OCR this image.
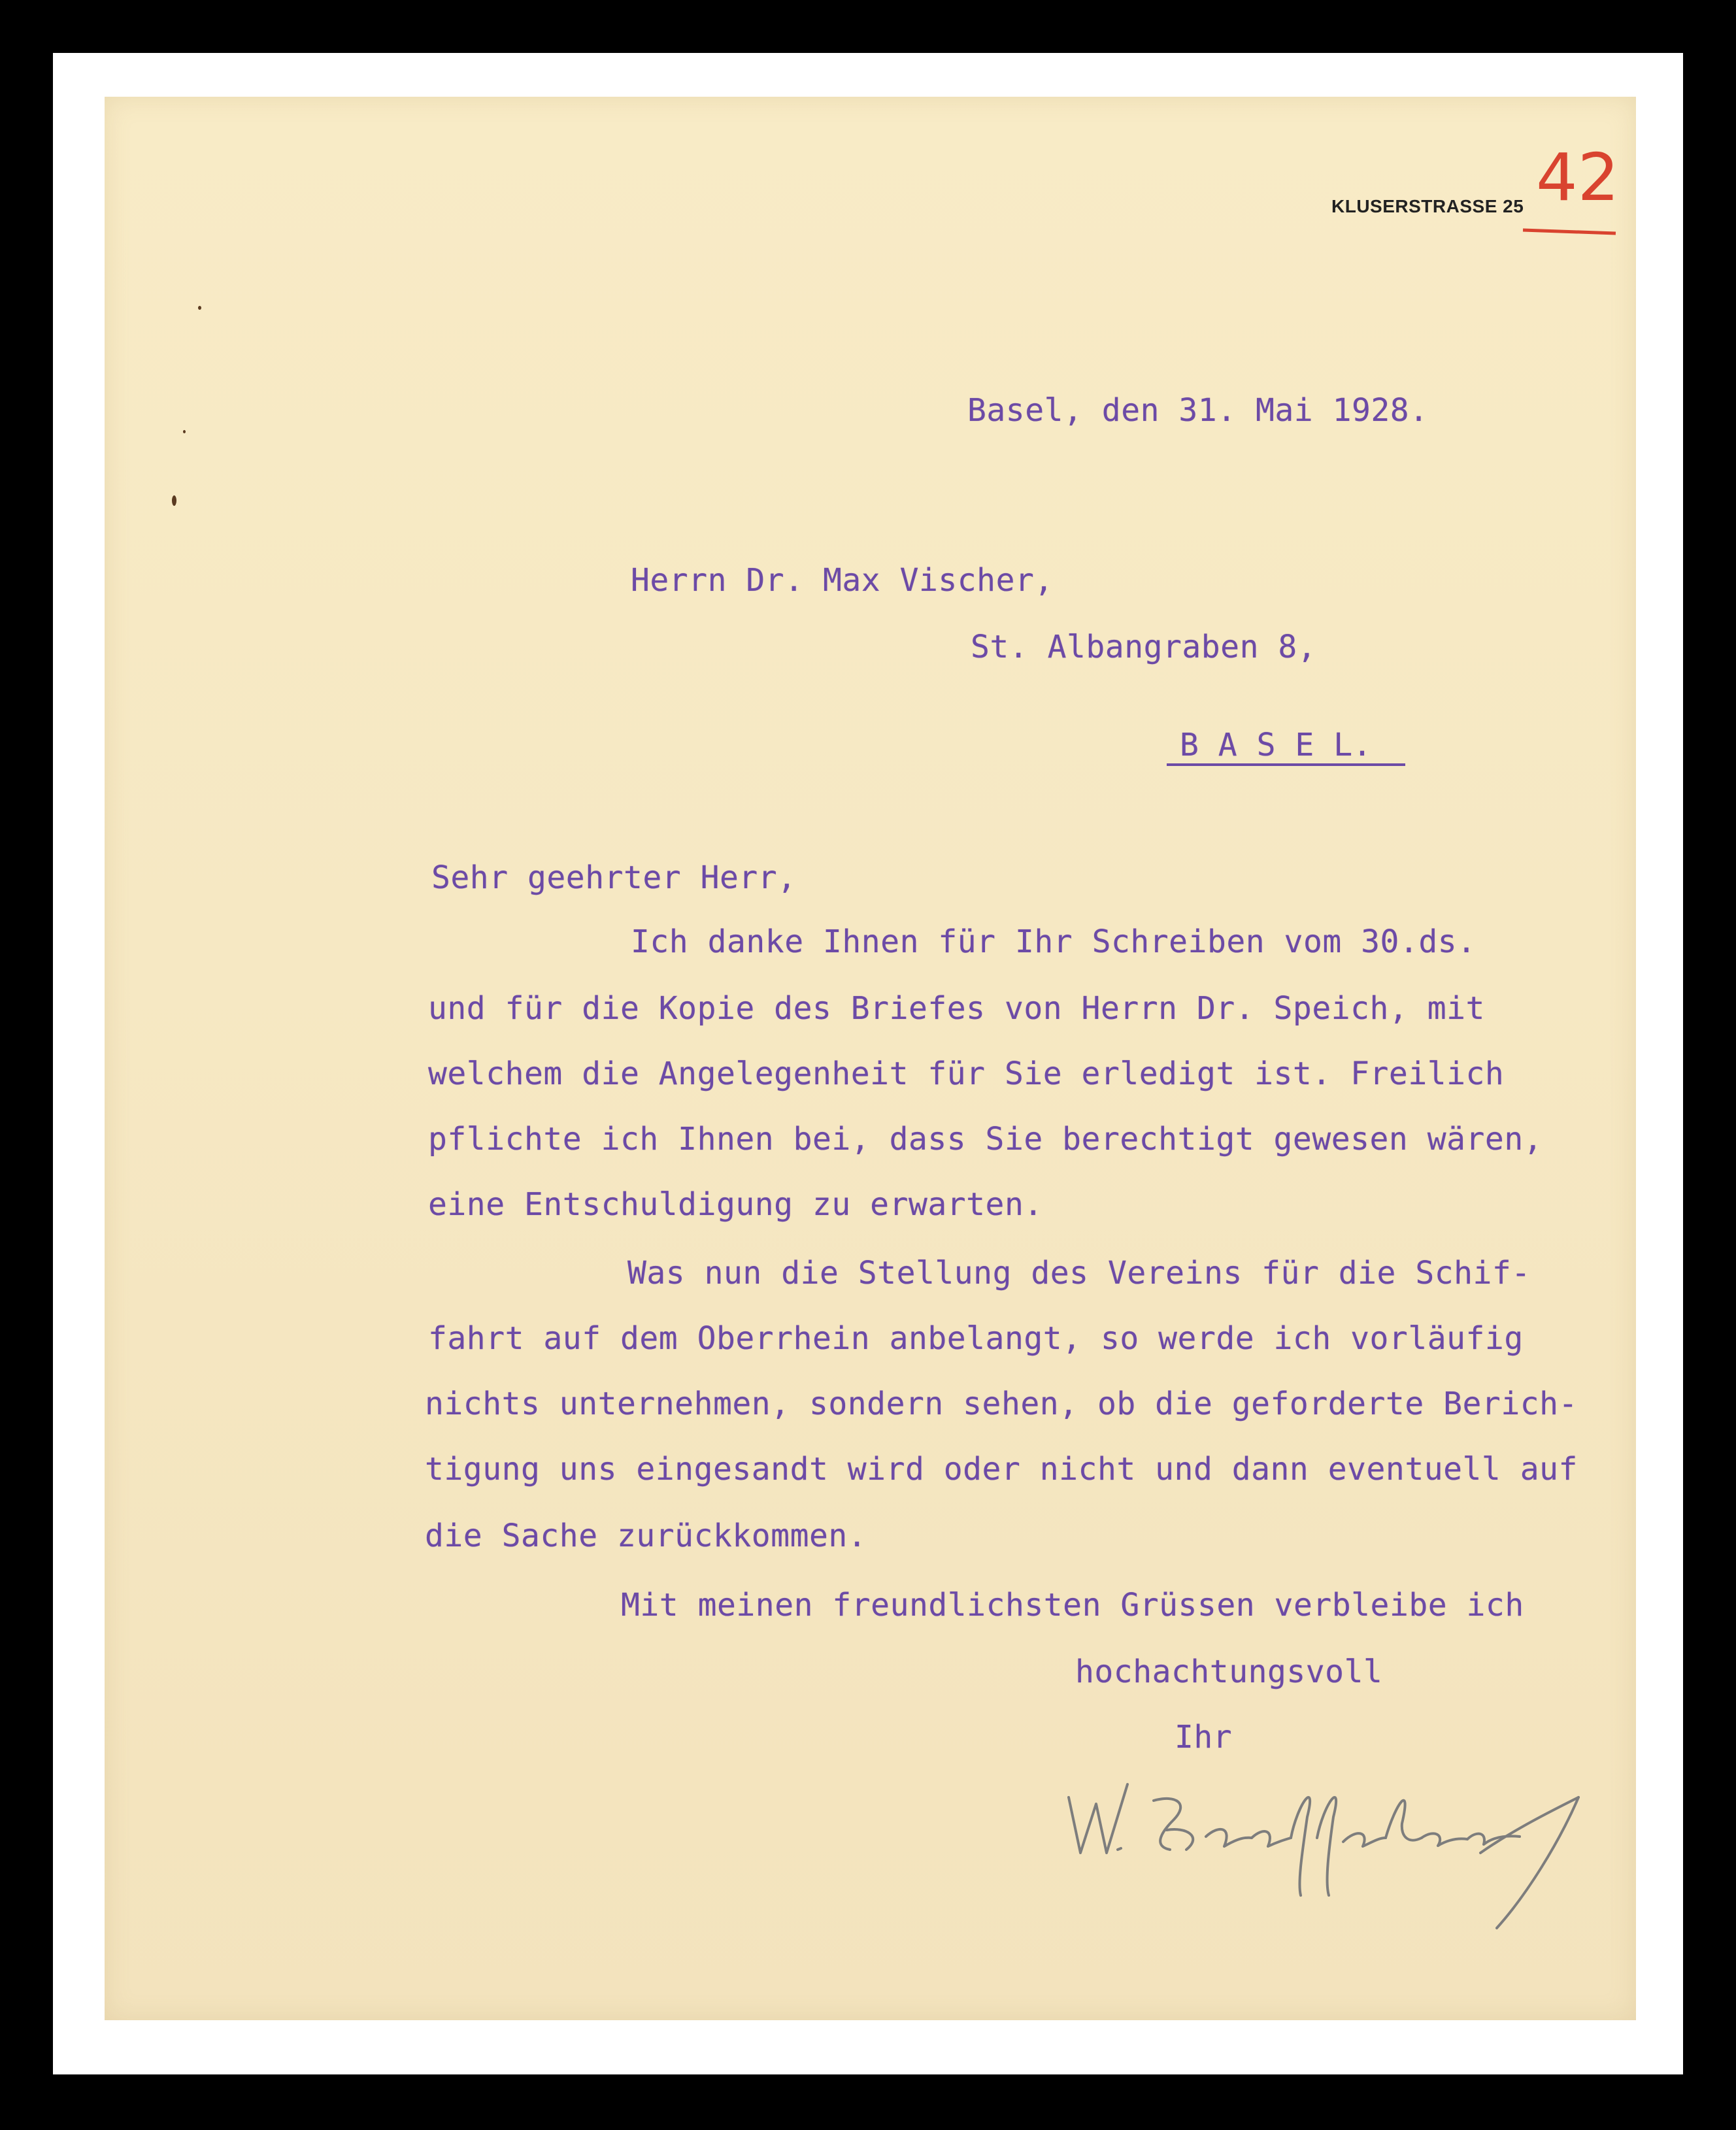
KLUSERSTRASSE 25 42
Basel, den 31. Mai 1928.
Herrn Dr. Max Vischer,
St. Albangraben 8,
B A S E L.
Sehr geehrter Herr,
Ich danke Ihnen für Ihr Schreiben vom 30.ds.
und für die Kopie des Briefes von Herrn Dr. Speich, mit
welchem die Angelegenheit für Sie erledigt ist. Freilich
pflichte ich Ihnen bei, dass Sie berechtigt gewesen wären,
eine Entschuldigung zu erwarten.
Was nun die Stellung des Vereins für die Schif-
fahrt auf dem Oberrhein anbelangt, so werde ich vorläufig
nichts unternehmen, sondern sehen, ob die geforderte Berich-
tigung uns eingesandt wird oder nicht und dann eventuell auf
die Sache zurückkommen.
Mit meinen freundlichsten Grüssen verbleibe ich
hochachtungsvoll
Ihr
